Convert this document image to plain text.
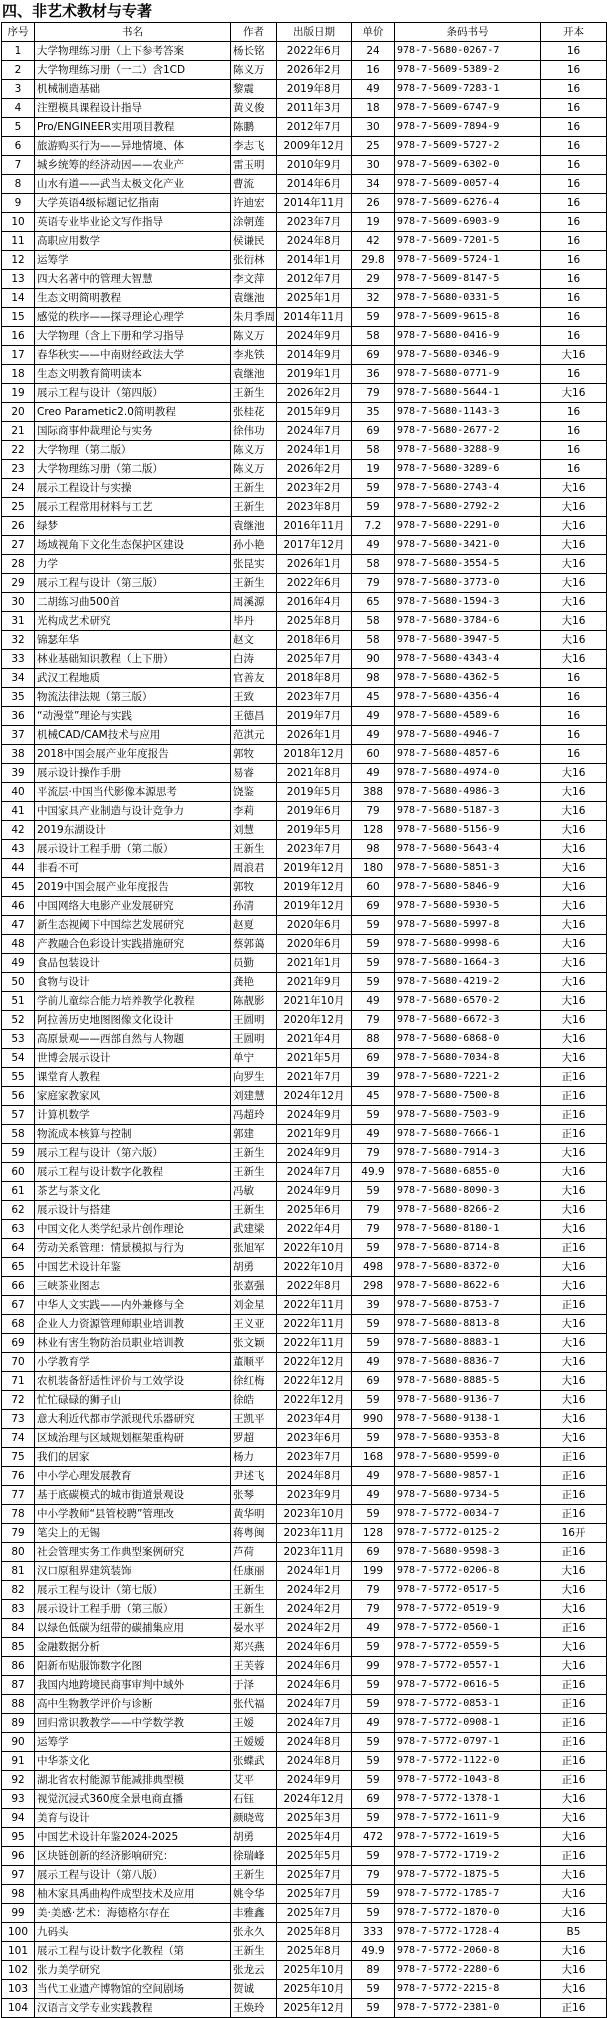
四、非艺术教材与专著
序号	书名	作者	出版日期	单价	条码书号	开本
1	大学物理练习册（上下参考答案	杨长铭	2022年6月	24	978-7-5680-0267-7	16
2	大学物理练习册（一二）含1CD	陈义万	2026年2月	16	978-7-5609-5389-2	16
3	机械制造基础	黎震	2019年8月	49	978-7-5609-7283-1	16
4	注塑模具课程设计指导	黄义俊	2011年3月	18	978-7-5609-6747-9	16
5	Pro/ENGINEER实用项目教程	陈鹏	2012年7月	30	978-7-5609-7894-9	16
6	旅游购买行为——异地情境、体	李志飞	2009年12月	25	978-7-5609-5727-2	16
7	城乡统筹的经济动因——农业产	雷玉明	2010年9月	30	978-7-5609-6302-0	16
8	山水有道——武当太极文化产业	曹流	2014年6月	34	978-7-5609-0057-4	16
9	大学英语4级标题记忆指南	许迪宏	2014年11月	26	978-7-5609-6276-4	16
10	英语专业毕业论文写作指导	涂朝莲	2023年7月	19	978-7-5609-6903-9	16
11	高职应用数学	侯谦民	2024年8月	42	978-7-5609-7201-5	16
12	运筹学	张衍林	2014年1月	29.8	978-7-5609-5724-1	16
13	四大名著中的管理大智慧	李文萍	2012年7月	29	978-7-5609-8147-5	16
14	生态文明简明教程	袁继池	2025年1月	32	978-7-5680-0331-5	16
15	感觉的秩序——探寻理论心理学	朱月季周	2014年11月	59	978-7-5609-9615-8	16
16	大学物理（含上下册和学习指导	陈义万	2024年9月	58	978-7-5680-0416-9	16
17	春华秋实——中南财经政法大学	李兆铁	2014年9月	69	978-7-5680-0346-9	大16
18	生态文明教育简明读本	袁继池	2019年1月	36	978-7-5680-0771-9	16
19	展示工程与设计（第四版）	王新生	2026年2月	79	978-7-5680-5644-1	大16
20	Creo Parametic2.0简明教程	张桂花	2015年9月	35	978-7-5680-1143-3	16
21	国际商事仲裁理论与实务	徐伟功	2024年7月	69	978-7-5680-2677-2	16
22	大学物理（第二版）	陈义万	2024年1月	58	978-7-5680-3288-9	16
23	大学物理练习册（第二版）	陈义万	2026年2月	19	978-7-5680-3289-6	16
24	展示工程设计与实操	王新生	2023年2月	59	978-7-5680-2743-4	大16
25	展示工程常用材料与工艺	王新生	2023年8月	59	978-7-5680-2792-2	大16
26	绿梦	袁继池	2016年11月	7.2	978-7-5680-2291-0	大16
27	场域视角下文化生态保护区建设	孙小艳	2017年12月	49	978-7-5680-3421-0	大16
28	力学	张昆实	2026年1月	58	978-7-5680-3554-5	大16
29	展示工程与设计（第三版）	王新生	2022年6月	79	978-7-5680-3773-0	大16
30	二胡练习曲500首	周溪源	2016年4月	65	978-7-5680-1594-3	大16
31	光构成艺术研究	毕丹	2025年8月	58	978-7-5680-3784-6	大16
32	锦瑟年华	赵文	2018年6月	58	978-7-5680-3947-5	大16
33	林业基础知识教程（上下册）	白涛	2025年7月	90	978-7-5680-4343-4	大16
34	武汉工程地质	官善友	2018年8月	98	978-7-5680-4362-5	16
35	物流法律法规（第三版）	王致	2023年7月	45	978-7-5680-4356-4	16
36	“动漫堂”理论与实践	王德昌	2019年7月	49	978-7-5680-4589-6	16
37	机械CAD/CAM技术与应用	范淇元	2026年1月	49	978-7-5680-4946-7	16
38	2018中国会展产业年度报告	郭牧	2018年12月	60	978-7-5680-4857-6	16
39	展示设计操作手册	易睿	2021年8月	49	978-7-5680-4974-0	大16
40	平流层·中国当代影像本源思考	饶鉴	2019年5月	388	978-7-5680-4986-3	大16
41	中国家具产业制造与设计竞争力	李莉	2019年6月	79	978-7-5680-5187-3	大16
42	2019东湖设计	刘慧	2019年5月	128	978-7-5680-5156-9	大16
43	展示设计工程手册（第二版）	王新生	2023年7月	98	978-7-5680-5643-4	大16
44	非看不可	周浪君	2019年12月	180	978-7-5680-5851-3	大16
45	2019中国会展产业年度报告	郭牧	2019年12月	60	978-7-5680-5846-9	大16
46	中国网络大电影产业发展研究	孙清	2019年12月	69	978-7-5680-5930-5	大16
47	新生态视阈下中国综艺发展研究	赵夏	2020年6月	59	978-7-5680-5997-8	大16
48	产教融合色彩设计实践措施研究	蔡郭蔼	2020年6月	59	978-7-5680-9998-6	大16
49	食品包装设计	员勤	2021年1月	59	978-7-5680-1664-3	大16
50	食物与设计	龚艳	2021年9月	59	978-7-5680-4219-2	大16
51	学前儿童综合能力培养教学化教程	陈靓影	2021年10月	49	978-7-5680-6570-2	大16
52	阿拉善历史地图图像文化设计	王圆明	2020年12月	79	978-7-5680-6672-3	大16
53	高原景观——西部自然与人物题	王圆明	2021年4月	88	978-7-5680-6868-0	大16
54	世博会展示设计	单宁	2021年5月	69	978-7-5680-7034-8	大16
55	课堂育人教程	向罗生	2021年7月	39	978-7-5680-7221-2	正16
56	家庭家教家风	刘建慧	2024年12月	45	978-7-5680-7500-8	正16
57	计算机数学	冯超玲	2024年9月	59	978-7-5680-7503-9	正16
58	物流成本核算与控制	郭建	2021年9月	49	978-7-5680-7666-1	正16
59	展示工程与设计（第六版）	王新生	2024年9月	79	978-7-5680-7914-3	大16
60	展示工程与设计数字化教程	王新生	2024年7月	49.9	978-7-5680-6855-0	大16
61	茶艺与茶文化	冯敏	2024年9月	59	978-7-5680-8090-3	大16
62	展示设计与搭建	王新生	2025年6月	79	978-7-5680-8266-2	大16
63	中国文化人类学纪录片创作理论	武建梁	2022年4月	79	978-7-5680-8180-1	大16
64	劳动关系管理：情景模拟与行为	张旭军	2022年10月	59	978-7-5680-8714-8	正16
65	中国艺术设计年鉴	胡勇	2022年10月	498	978-7-5680-8372-0	大16
66	三峡茶业图志	张嘉强	2022年8月	298	978-7-5680-8622-6	大16
67	中华人文实践——内外兼修与全	刘金星	2022年11月	39	978-7-5680-8753-7	正16
68	企业人力资源管理师职业培训教	王义亚	2022年11月	59	978-7-5680-8813-8	大16
69	林业有害生物防治员职业培训教	张文颖	2022年11月	59	978-7-5680-8883-1	大16
70	小学教育学	董顺平	2022年12月	49	978-7-5680-8836-7	大16
71	农机装备舒适性评价与工效学设	徐红梅	2022年12月	69	978-7-5680-8885-5	大16
72	忙忙碌碌的狮子山	徐皓	2022年12月	59	978-7-5680-9136-7	大16
73	意大利近代都市学派现代乐器研究	王凯平	2023年4月	990	978-7-5680-9138-1	大16
74	区域治理与区域规划框架重构研	罗超	2023年6月	59	978-7-5680-9353-8	大16
75	我们的居家	杨力	2023年7月	168	978-7-5680-9599-0	正16
76	中小学心理发展教育	尹述飞	2024年8月	49	978-7-5680-9857-1	正16
77	基于底碳模式的城市街道景观设	张琴	2023年9月	49	978-7-5680-9734-5	正16
78	中小学教师“县管校聘”管理改	黄华明	2023年10月	59	978-7-5772-0034-7	正16
79	笔尖上的无锡	蒋粤闽	2023年11月	128	978-7-5772-0125-2	16开
80	社会管理实务工作典型案例研究	芦荷	2023年11月	69	978-7-5680-9598-3	正16
81	汉口原租界建筑装饰	任康丽	2024年1月	199	978-7-5772-0206-8	大16
82	展示工程与设计（第七版）	王新生	2024年2月	79	978-7-5772-0517-5	大16
83	展示设计工程手册（第三版）	王新生	2024年2月	79	978-7-5772-0519-9	大16
84	以绿色低碳为纽带的碳捕集应用	晏水平	2024年2月	49	978-7-5772-0560-1	正16
85	金融数据分析	郑兴燕	2024年6月	59	978-7-5772-0559-5	大16
86	阳新布贴服饰数字化图	王芙蓉	2024年6月	99	978-7-5772-0557-1	大16
87	我国内地跨境民商事审判中域外	于泽	2024年6月	59	978-7-5772-0616-5	正16
88	高中生物教学评价与诊断	张代福	2024年7月	59	978-7-5772-0853-1	正16
89	回归常识教教学——中学数学教	王嫒	2024年7月	49	978-7-5772-0908-1	正16
90	运筹学	王嫒嫒	2024年8月	59	978-7-5772-0797-1	正16
91	中华茶文化	张蝶武	2024年8月	59	978-7-5772-1122-0	正16
92	湖北省农村能源节能减排典型模	艾平	2024年9月	59	978-7-5772-1043-8	正16
93	视觉沉浸式360度全景电商直播	石钰	2024年12月	69	978-7-5772-1378-1	大16
94	美育与设计	颜晓莺	2025年3月	59	978-7-5772-1611-9	大16
95	中国艺术设计年鉴2024-2025	胡勇	2025年4月	472	978-7-5772-1619-5	大16
96	区块链创新的经济影响研究：	徐瑞峰	2025年5月	59	978-7-5772-1719-2	正16
97	展示工程与设计（第八版）	王新生	2025年7月	79	978-7-5772-1875-5	大16
98	柚木家具禹曲构件成型技术及应用	姚令华	2025年7月	59	978-7-5772-1785-7	大16
99	美·美感·艺术：海德格尔存在	丰雅鑫	2025年7月	59	978-7-5772-1870-0	大16
100	九码头	张永久	2025年8月	333	978-7-5772-1728-4	B5
101	展示工程与设计数字化教程（第	王新生	2025年8月	49.9	978-7-5772-2060-8	大16
102	张力美学研究	张龙云	2025年10月	89	978-7-5772-2280-6	大16
103	当代工业遗产博物馆的空间剧场	贺诚	2025年10月	59	978-7-5772-2215-8	大16
104	汉语言文学专业实践教程	王焕玲	2025年12月	59	978-7-5772-2381-0	正16
